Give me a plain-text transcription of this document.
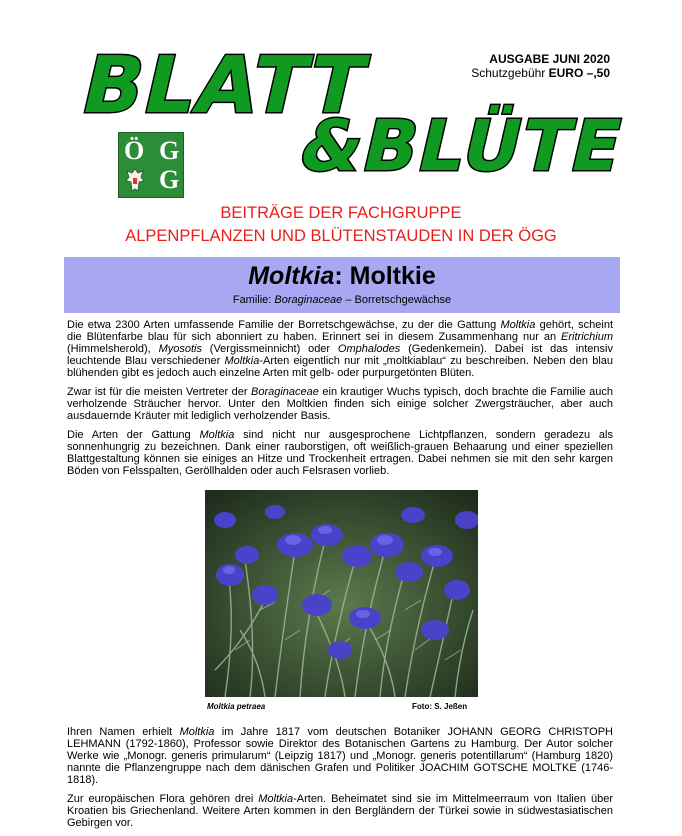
BLATT
&BLÜTE
AUSGABE JUNI 2020
Schutzgebühr EURO –,50
Ö G
G
BEITRÄGE DER FACHGRUPPE
ALPENPFLANZEN UND BLÜTENSTAUDEN IN DER ÖGG
Moltkia: Moltkie
Familie: Boraginaceae – Borretschgewächse

Die etwa 2300 Arten umfassende Familie der Borretschgewächse, zu der die Gattung Moltkia gehört, scheint die Blütenfarbe blau für sich abonniert zu haben. Erinnert sei in diesem Zusammenhang nur an Eritrichium (Himmelsherold), Myosotis (Vergissmeinnicht) oder Omphalodes (Gedenkemein). Dabei ist das intensiv leuchtende Blau verschiedener Moltkia-Arten eigentlich nur mit „moltkiablau“ zu beschreiben. Neben den blau blühenden gibt es jedoch auch einzelne Arten mit gelb- oder purpurgetönten Blüten.

Zwar ist für die meisten Vertreter der Boraginaceae ein krautiger Wuchs typisch, doch brachte die Familie auch verholzende Sträucher hervor. Unter den Moltkien finden sich einige solcher Zwergsträucher, aber auch ausdauernde Kräuter mit lediglich verholzender Basis.

Die Arten der Gattung Moltkia sind nicht nur ausgesprochene Lichtpflanzen, sondern geradezu als sonnenhungrig zu bezeichnen. Dank einer rauborstigen, oft weißlich-grauen Behaarung und einer speziellen Blattgestaltung können sie einiges an Hitze und Trockenheit ertragen. Dabei nehmen sie mit den sehr kargen Böden von Felsspalten, Geröllhalden oder auch Felsrasen vorlieb.

Moltkia petraea	Foto: S. Jeßen

Ihren Namen erhielt Moltkia im Jahre 1817 vom deutschen Botaniker JOHANN GEORG CHRISTOPH LEHMANN (1792-1860), Professor sowie Direktor des Botanischen Gartens zu Hamburg. Der Autor solcher Werke wie „Monogr. generis primularum“ (Leipzig 1817) und „Monogr. generis potentillarum“ (Hamburg 1820) nannte die Pflanzengruppe nach dem dänischen Grafen und Politiker JOACHIM GOTSCHE MOLTKE (1746-1818).

Zur europäischen Flora gehören drei Moltkia-Arten. Beheimatet sind sie im Mittelmeerraum von Italien über Kroatien bis Griechenland. Weitere Arten kommen in den Bergländern der Türkei sowie in südwestasiatischen Gebirgen vor.
